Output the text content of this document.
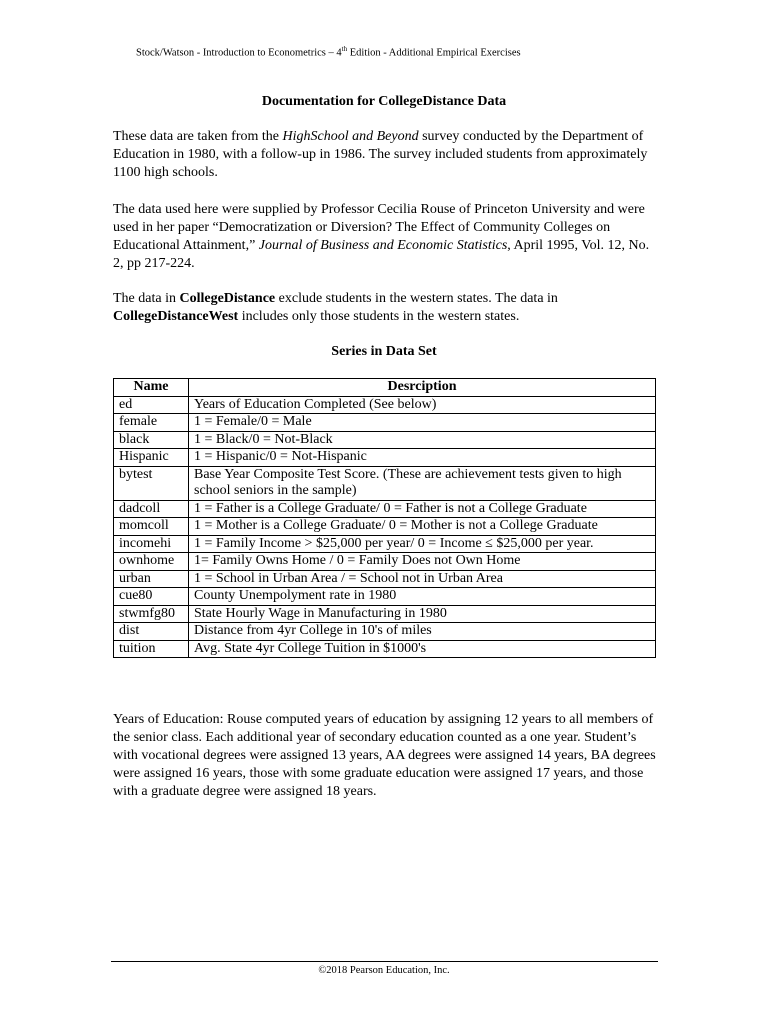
Stock/Watson - Introduction to Econometrics – 4th Edition - Additional Empirical Exercises
Documentation for CollegeDistance Data

These data are taken from the HighSchool and Beyond survey conducted by the Department of Education in 1980, with a follow-up in 1986. The survey included students from approximately 1100 high schools.

The data used here were supplied by Professor Cecilia Rouse of Princeton University and were used in her paper “Democratization or Diversion? The Effect of Community Colleges on Educational Attainment,” Journal of Business and Economic Statistics, April 1995, Vol. 12, No. 2, pp 217-224.

The data in CollegeDistance exclude students in the western states. The data in CollegeDistanceWest includes only those students in the western states.

Series in Data Set
Name	Desrciption
ed	Years of Education Completed (See below)
female	1 = Female/0 = Male
black	1 = Black/0 = Not-Black
Hispanic	1 = Hispanic/0 = Not-Hispanic
bytest	Base Year Composite Test Score. (These are achievement tests given to high school seniors in the sample)
dadcoll	1 = Father is a College Graduate/ 0 = Father is not a College Graduate
momcoll	1 = Mother is a College Graduate/ 0 = Mother is not a College Graduate
incomehi	1 = Family Income > $25,000 per year/ 0 = Income ≤ $25,000 per year.
ownhome	1= Family Owns Home / 0 = Family Does not Own Home
urban	1 = School in Urban Area / = School not in Urban Area
cue80	County Unempolyment rate in 1980
stwmfg80	State Hourly Wage in Manufacturing in 1980
dist	Distance from 4yr College in 10's of miles
tuition	Avg. State 4yr College Tuition in $1000's

Years of Education: Rouse computed years of education by assigning 12 years to all members of the senior class. Each additional year of secondary education counted as a one year. Student’s with vocational degrees were assigned 13 years, AA degrees were assigned 14 years, BA degrees were assigned 16 years, those with some graduate education were assigned 17 years, and those with a graduate degree were assigned 18 years.

©2018 Pearson Education, Inc.
